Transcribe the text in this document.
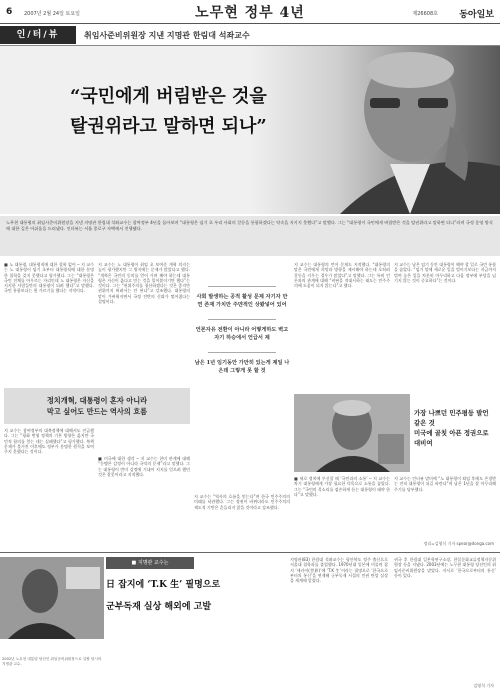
6 2007년 2월 24일 토요일	노무현 정부 4년	제26608호 동아일보
인/터/뷰	취임사준비위원장 지낸 지명관 한림대 석좌교수
“국민에게 버림받은 것을
탈권위라고 말하면 되나”
노무현 대통령의 취임사준비위원장을 지낸 지명관 한림대 석좌교수는 참여정부 4년을 돌아보며 “대통령은 임기 초 우리 사회의 갈등을 통합하겠다는 약속을 지키지 못했다”고 말했다. 그는 “대통령이 국민에게 버림받은 것을 탈권위라고 말하면 되나”라며 국정 운영 방식에 대한 깊은 아쉬움을 드러냈다. 인터뷰는 서울 종로구 자택에서 진행됐다.
■ 노 대통령, 대통령직에 대한 철학 없어 ─ 지 교수는 노 대통령이 임기 초부터 대통령직에 대한 분명한 철학을 갖지 못했다고 평가했다. 그는 “대통령은 국민 전체를 아우르는 자리인데 노 대통령은 자신을 지지한 사람들만의 대통령이 되려 했다”고 말했다. 국민 통합보다는 편 가르기를 했다는 지적이다.
지 교수는 노 대통령이 취임 초 보여준 개혁 의지는 높이 평가했지만 그 방식에는 문제가 많았다고 했다. “개혁은 국민의 동의를 얻어 가며 해야 하는데 대통령은 자신이 옳다고 믿는 것을 밀어붙이기만 했다”는 것이다. 그는 “권위주의를 청산하겠다는 것은 좋지만 권위까지 버려서는 안 된다”고 강조했다. 대통령의 말이 가벼워지면서 국정 전반의 신뢰가 떨어졌다는 설명이다.
사회 발생하는 공적 활성 문제 자기자 만연 존재 가치만 주먄적인 상봤넣어 있어
언론자유 전환이 아니라 어떻게하도 벽고 자기 하승에서 언급서 제
남은 1년 임기동안 가만히 있는게 제일 나은데 그렇게 못 할 것
지 교수는 대통령의 언어 문제도 지적했다. “대통령의 말은 국민에게 희망과 방향을 제시해야 하는데 오히려 갈등을 키우는 경우가 많았다”고 말했다. 그는 특히 언론과의 관계에 대해 “비판을 적대시하는 태도는 민주주의에 도움이 되지 않는다”고 했다.
지 교수는 남은 임기 동안 대통령이 해야 할 일로 국민 통합을 꼽았다. “임기 말에 새로운 일을 벌이기보다는 지금까지 벌여 놓은 일을 차분히 마무리하고 다음 정부에 부담을 넘기지 않는 것이 중요하다”는 것이다.
정치개혁, 대통령이 혼자 아니라
막고 싶어도 만드는 역사의 흐름
지 교수는 참여정부의 대북정책에 대해서도 언급했다. 그는 “평화 번영 정책의 기본 방향은 옳지만 국민적 합의를 얻는 데는 실패했다”고 평가했다. 북핵 문제가 불거진 이후에도 정부가 분명한 원칙을 보여주지 못했다는 것이다.
■ 미국에 대한 생각 ─ 지 교수는 한미 관계에 대해 “동맹은 감정이 아니라 국익의 문제”라고 말했다. 그는 대통령이 반미 감정에 기대어 지지를 얻으려 했던 것은 잘못이라고 지적했다.
지 교수는 “역사의 흐름을 믿는다”며 한국 민주주의의 미래를 낙관했다. 그는 정권이 바뀌더라도 민주주의의 제도적 기반은 흔들리지 않을 것이라고 강조했다.
가장 나쁘던 민주평등 발언 같은 것
미국에 골칫 아픈 정권으로 대비여
■ 새로 정치에 투신할 때 ‘국민과의 소통’ ─ 지 교수는 차기 대통령에게 가장 필요한 덕목으로 소통을 꼽았다. 그는 “국민의 목소리를 겸손하게 듣는 대통령이 돼야 한다”고 말했다.
지 교수는 인터뷰 말미에 “노 대통령이 퇴임 후에도 존경받는 전직 대통령이 되길 바란다”며 남은 1년을 잘 마무리해 주기를 당부했다.
정리=김영식 기자 spear@donga.com
2002년 노무현 대통령 당선인 취임준비위원장으로 일할 당시의 지명관 교수.
■ 지명관 교수는
日 잡지에 ‘T.K 生’ 필명으로
군부독재 실상 해외에 고발
지명관(83) 한림대 석좌교수는 평안북도 정주 출신으로 서울대 철학과를 졸업했다. 1970년대 일본에 머물며 잡지 ‘세카이(世界)’에 ‘T.K 生’이라는 필명으로 ‘한국으로부터의 통신’을 연재해 군부독재 시절의 인권 탄압 실상을 세계에 알렸다.
귀국 후 한림대 일본학연구소장, 한일문화교류정책자문위원장 등을 지냈다. 2003년에는 노무현 대통령 당선인의 취임사준비위원장을 맡았다. 저서로 ‘한국으로부터의 통신’ 등이 있다.
김영석 기자
